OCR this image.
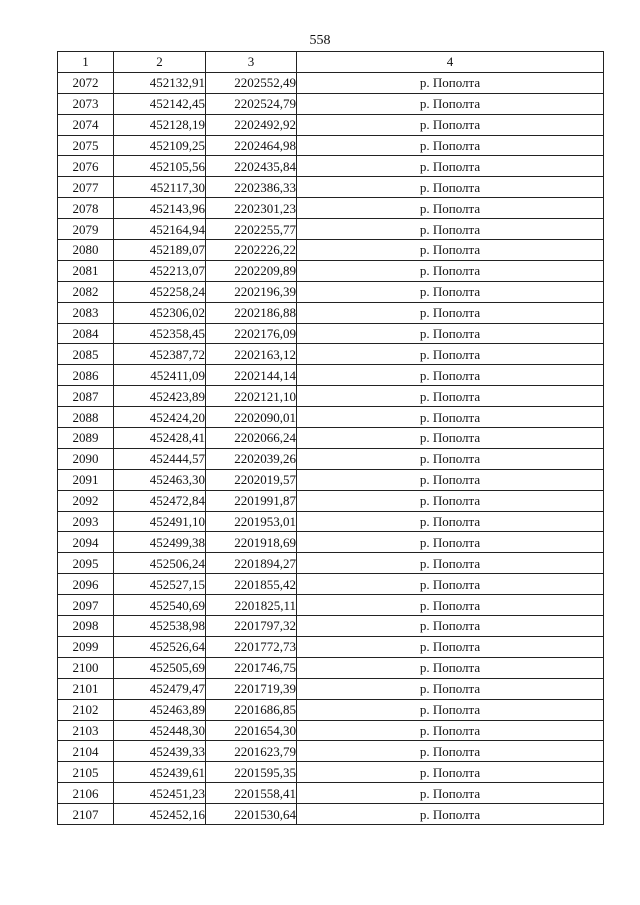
558
1	2	3	4
2072	452132,91	2202552,49	р. Пополта
2073	452142,45	2202524,79	р. Пополта
2074	452128,19	2202492,92	р. Пополта
2075	452109,25	2202464,98	р. Пополта
2076	452105,56	2202435,84	р. Пополта
2077	452117,30	2202386,33	р. Пополта
2078	452143,96	2202301,23	р. Пополта
2079	452164,94	2202255,77	р. Пополта
2080	452189,07	2202226,22	р. Пополта
2081	452213,07	2202209,89	р. Пополта
2082	452258,24	2202196,39	р. Пополта
2083	452306,02	2202186,88	р. Пополта
2084	452358,45	2202176,09	р. Пополта
2085	452387,72	2202163,12	р. Пополта
2086	452411,09	2202144,14	р. Пополта
2087	452423,89	2202121,10	р. Пополта
2088	452424,20	2202090,01	р. Пополта
2089	452428,41	2202066,24	р. Пополта
2090	452444,57	2202039,26	р. Пополта
2091	452463,30	2202019,57	р. Пополта
2092	452472,84	2201991,87	р. Пополта
2093	452491,10	2201953,01	р. Пополта
2094	452499,38	2201918,69	р. Пополта
2095	452506,24	2201894,27	р. Пополта
2096	452527,15	2201855,42	р. Пополта
2097	452540,69	2201825,11	р. Пополта
2098	452538,98	2201797,32	р. Пополта
2099	452526,64	2201772,73	р. Пополта
2100	452505,69	2201746,75	р. Пополта
2101	452479,47	2201719,39	р. Пополта
2102	452463,89	2201686,85	р. Пополта
2103	452448,30	2201654,30	р. Пополта
2104	452439,33	2201623,79	р. Пополта
2105	452439,61	2201595,35	р. Пополта
2106	452451,23	2201558,41	р. Пополта
2107	452452,16	2201530,64	р. Пополта
